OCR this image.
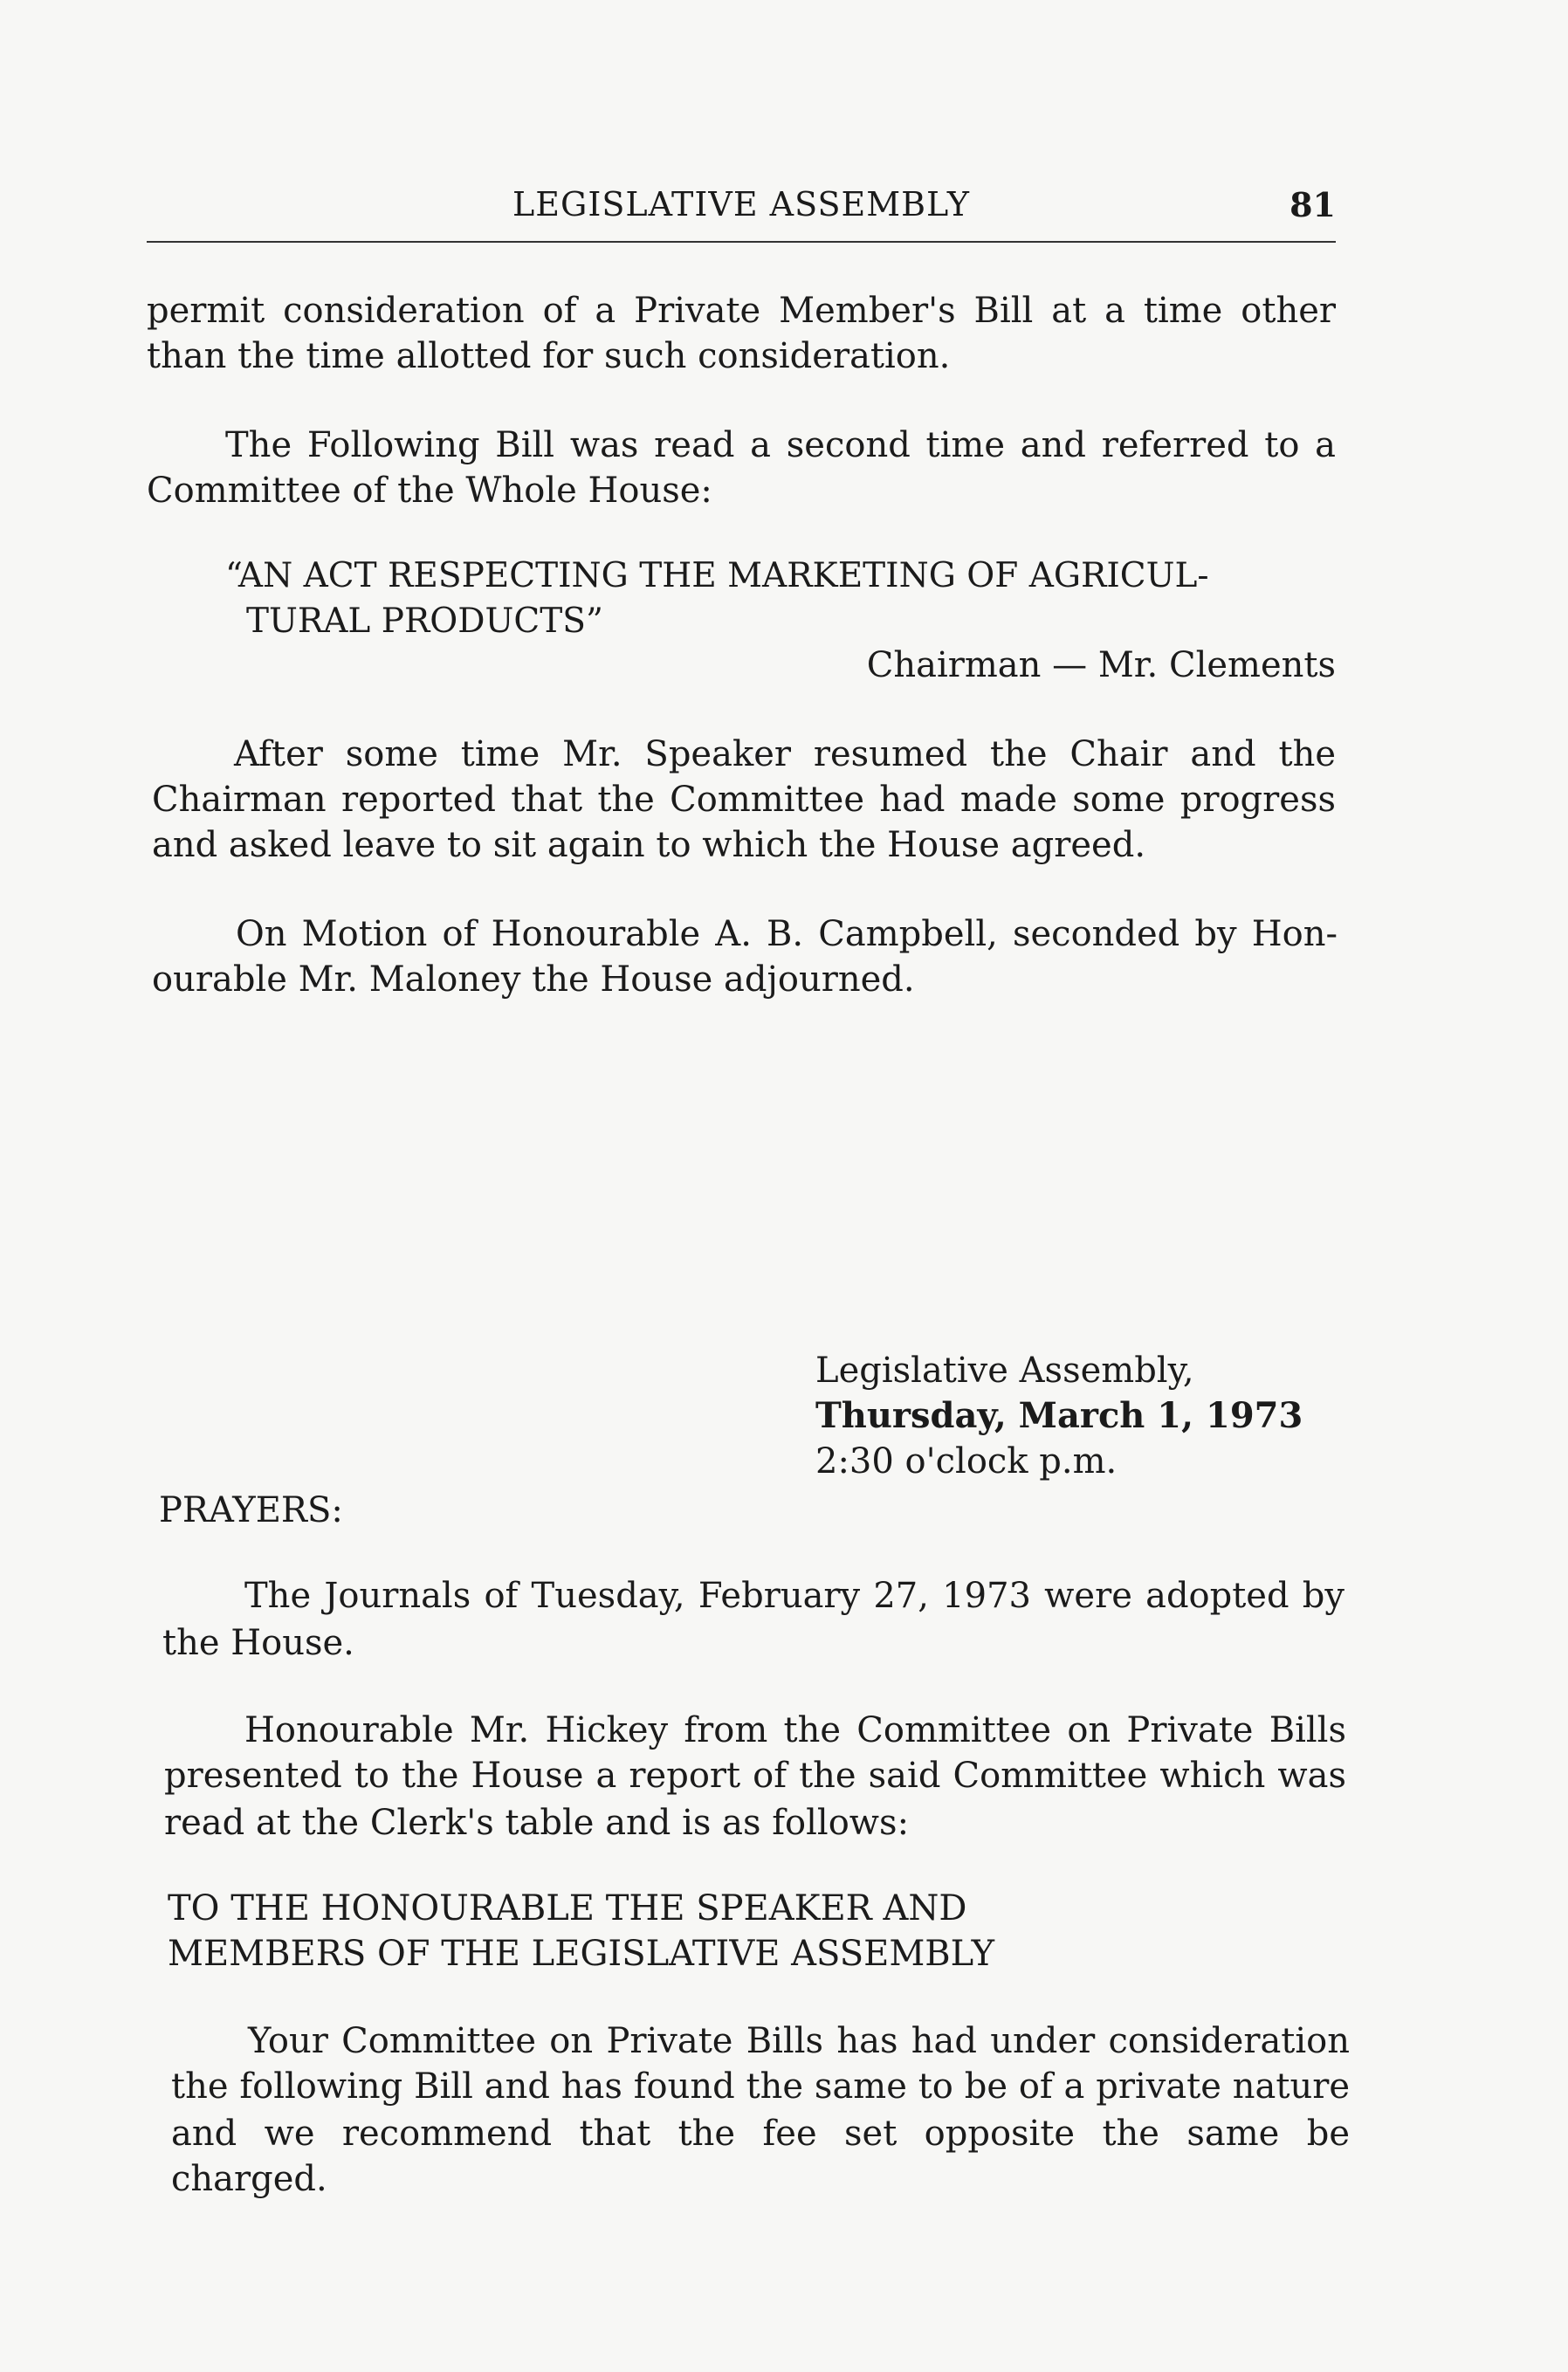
LEGISLATIVE ASSEMBLY	81
permit consideration of a Private Member's Bill at a time other
than the time allotted for such consideration.
The Following Bill was read a second time and referred to a
Committee of the Whole House:
“AN ACT RESPECTING THE MARKETING OF AGRICUL-
TURAL PRODUCTS”
Chairman — Mr. Clements
After some time Mr. Speaker resumed the Chair and the
Chairman reported that the Committee had made some progress
and asked leave to sit again to which the House agreed.
On Motion of Honourable A. B. Campbell, seconded by Hon-
ourable Mr. Maloney the House adjourned.
Legislative Assembly,
Thursday, March 1, 1973
2:30 o'clock p.m.
PRAYERS:
The Journals of Tuesday, February 27, 1973 were adopted by
the House.
Honourable Mr. Hickey from the Committee on Private Bills
presented to the House a report of the said Committee which was
read at the Clerk's table and is as follows:
TO THE HONOURABLE THE SPEAKER AND
MEMBERS OF THE LEGISLATIVE ASSEMBLY
Your Committee on Private Bills has had under consideration
the following Bill and has found the same to be of a private nature
and we recommend that the fee set opposite the same be charged.
